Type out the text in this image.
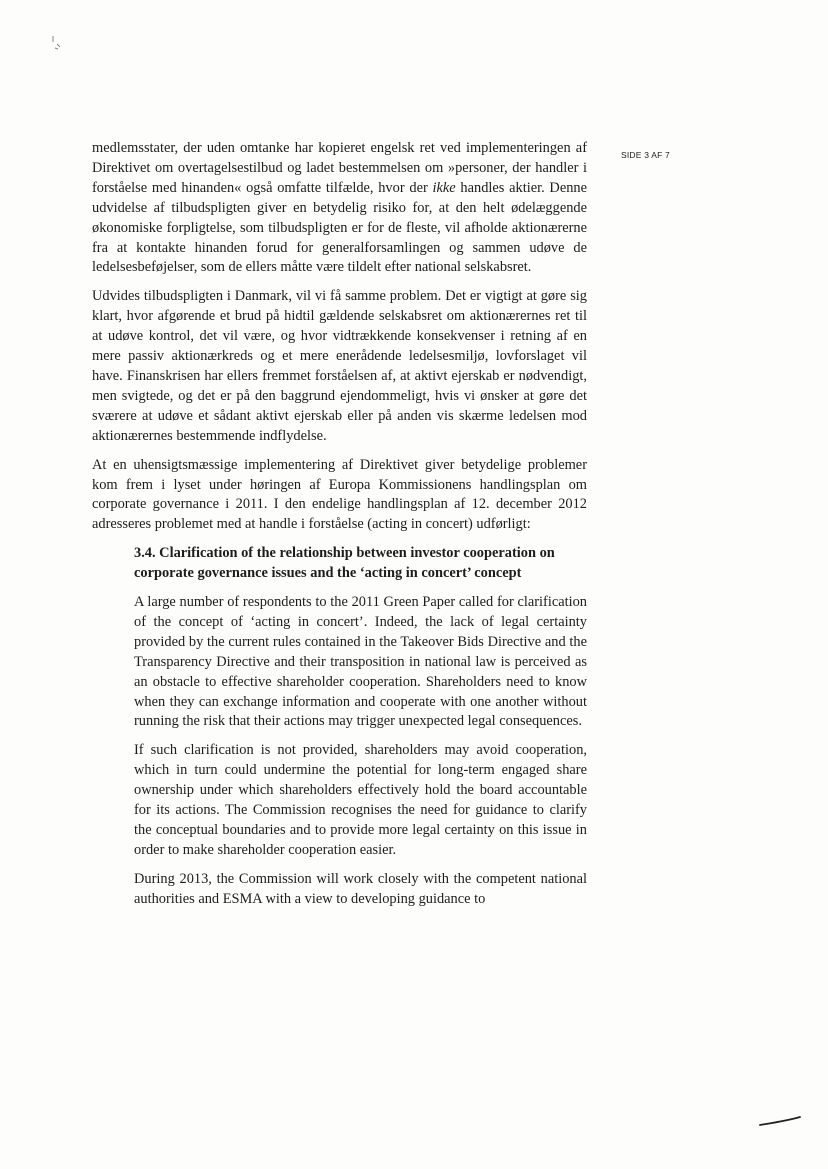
SIDE 3 AF 7

medlemsstater, der uden omtanke har kopieret engelsk ret ved implementeringen af Direktivet om overtagelsestilbud og ladet bestemmelsen om »personer, der handler i forståelse med hinanden« også omfatte tilfælde, hvor der ikke handles aktier. Denne udvidelse af tilbudspligten giver en betydelig risiko for, at den helt ødelæggende økonomiske forpligtelse, som tilbudspligten er for de fleste, vil afholde aktionærerne fra at kontakte hinanden forud for generalforsamlingen og sammen udøve de ledelsesbeføjelser, som de ellers måtte være tildelt efter national selskabsret.

Udvides tilbudspligten i Danmark, vil vi få samme problem. Det er vigtigt at gøre sig klart, hvor afgørende et brud på hidtil gældende selskabsret om aktionærernes ret til at udøve kontrol, det vil være, og hvor vidtrækkende konsekvenser i retning af en mere passiv aktionærkreds og et mere enerådende ledelsesmiljø, lovforslaget vil have. Finanskrisen har ellers fremmet forståelsen af, at aktivt ejerskab er nødvendigt, men svigtede, og det er på den baggrund ejendommeligt, hvis vi ønsker at gøre det sværere at udøve et sådant aktivt ejerskab eller på anden vis skærme ledelsen mod aktionærernes bestemmende indflydelse.

At en uhensigtsmæssige implementering af Direktivet giver betydelige problemer kom frem i lyset under høringen af Europa Kommissionens handlingsplan om corporate governance i 2011. I den endelige handlingsplan af 12. december 2012 adresseres problemet med at handle i forståelse (acting in concert) udførligt:

3.4. Clarification of the relationship between investor cooperation on corporate governance issues and the ‘acting in concert’ concept

A large number of respondents to the 2011 Green Paper called for clarification of the concept of ‘acting in concert’. Indeed, the lack of legal certainty provided by the current rules contained in the Takeover Bids Directive and the Transparency Directive and their transposition in national law is perceived as an obstacle to effective shareholder cooperation. Shareholders need to know when they can exchange information and cooperate with one another without running the risk that their actions may trigger unexpected legal consequences.

If such clarification is not provided, shareholders may avoid cooperation, which in turn could undermine the potential for long-term engaged share ownership under which shareholders effectively hold the board accountable for its actions. The Commission recognises the need for guidance to clarify the conceptual boundaries and to provide more legal certainty on this issue in order to make shareholder cooperation easier.

During 2013, the Commission will work closely with the competent national authorities and ESMA with a view to developing guidance to
